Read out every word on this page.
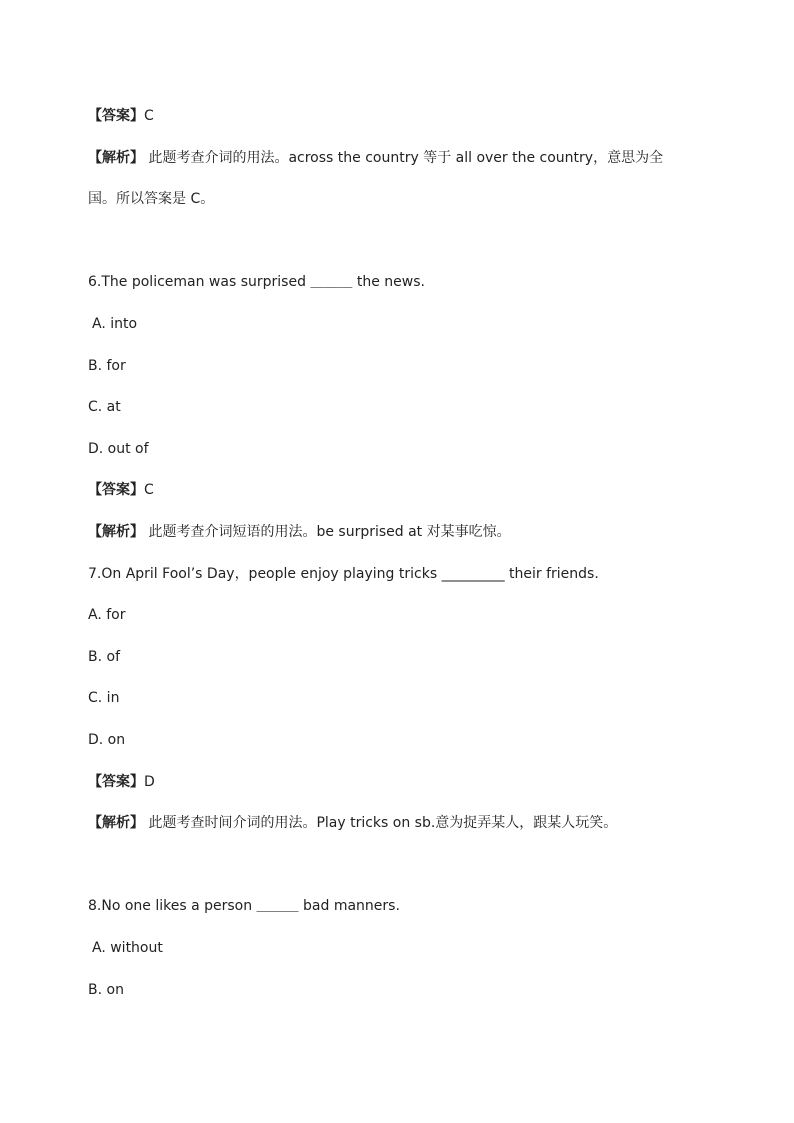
【答案】C
【解析】 此题考查介词的用法。across the country 等于 all over the country，意思为全
国。所以答案是 C。
6.The policeman was surprised ＿＿＿ the news.
A. into
B. for
C. at
D. out of
【答案】C
【解析】 此题考查介词短语的用法。be surprised at 对某事吃惊。
7.On April Fool’s Day，people enjoy playing tricks _________ their friends.
A. for
B. of
C. in
D. on
【答案】D
【解析】 此题考查时间介词的用法。Play tricks on sb.意为捉弄某人，跟某人玩笑。
8.No one likes a person ＿＿＿ bad manners.
A. without
B. on
